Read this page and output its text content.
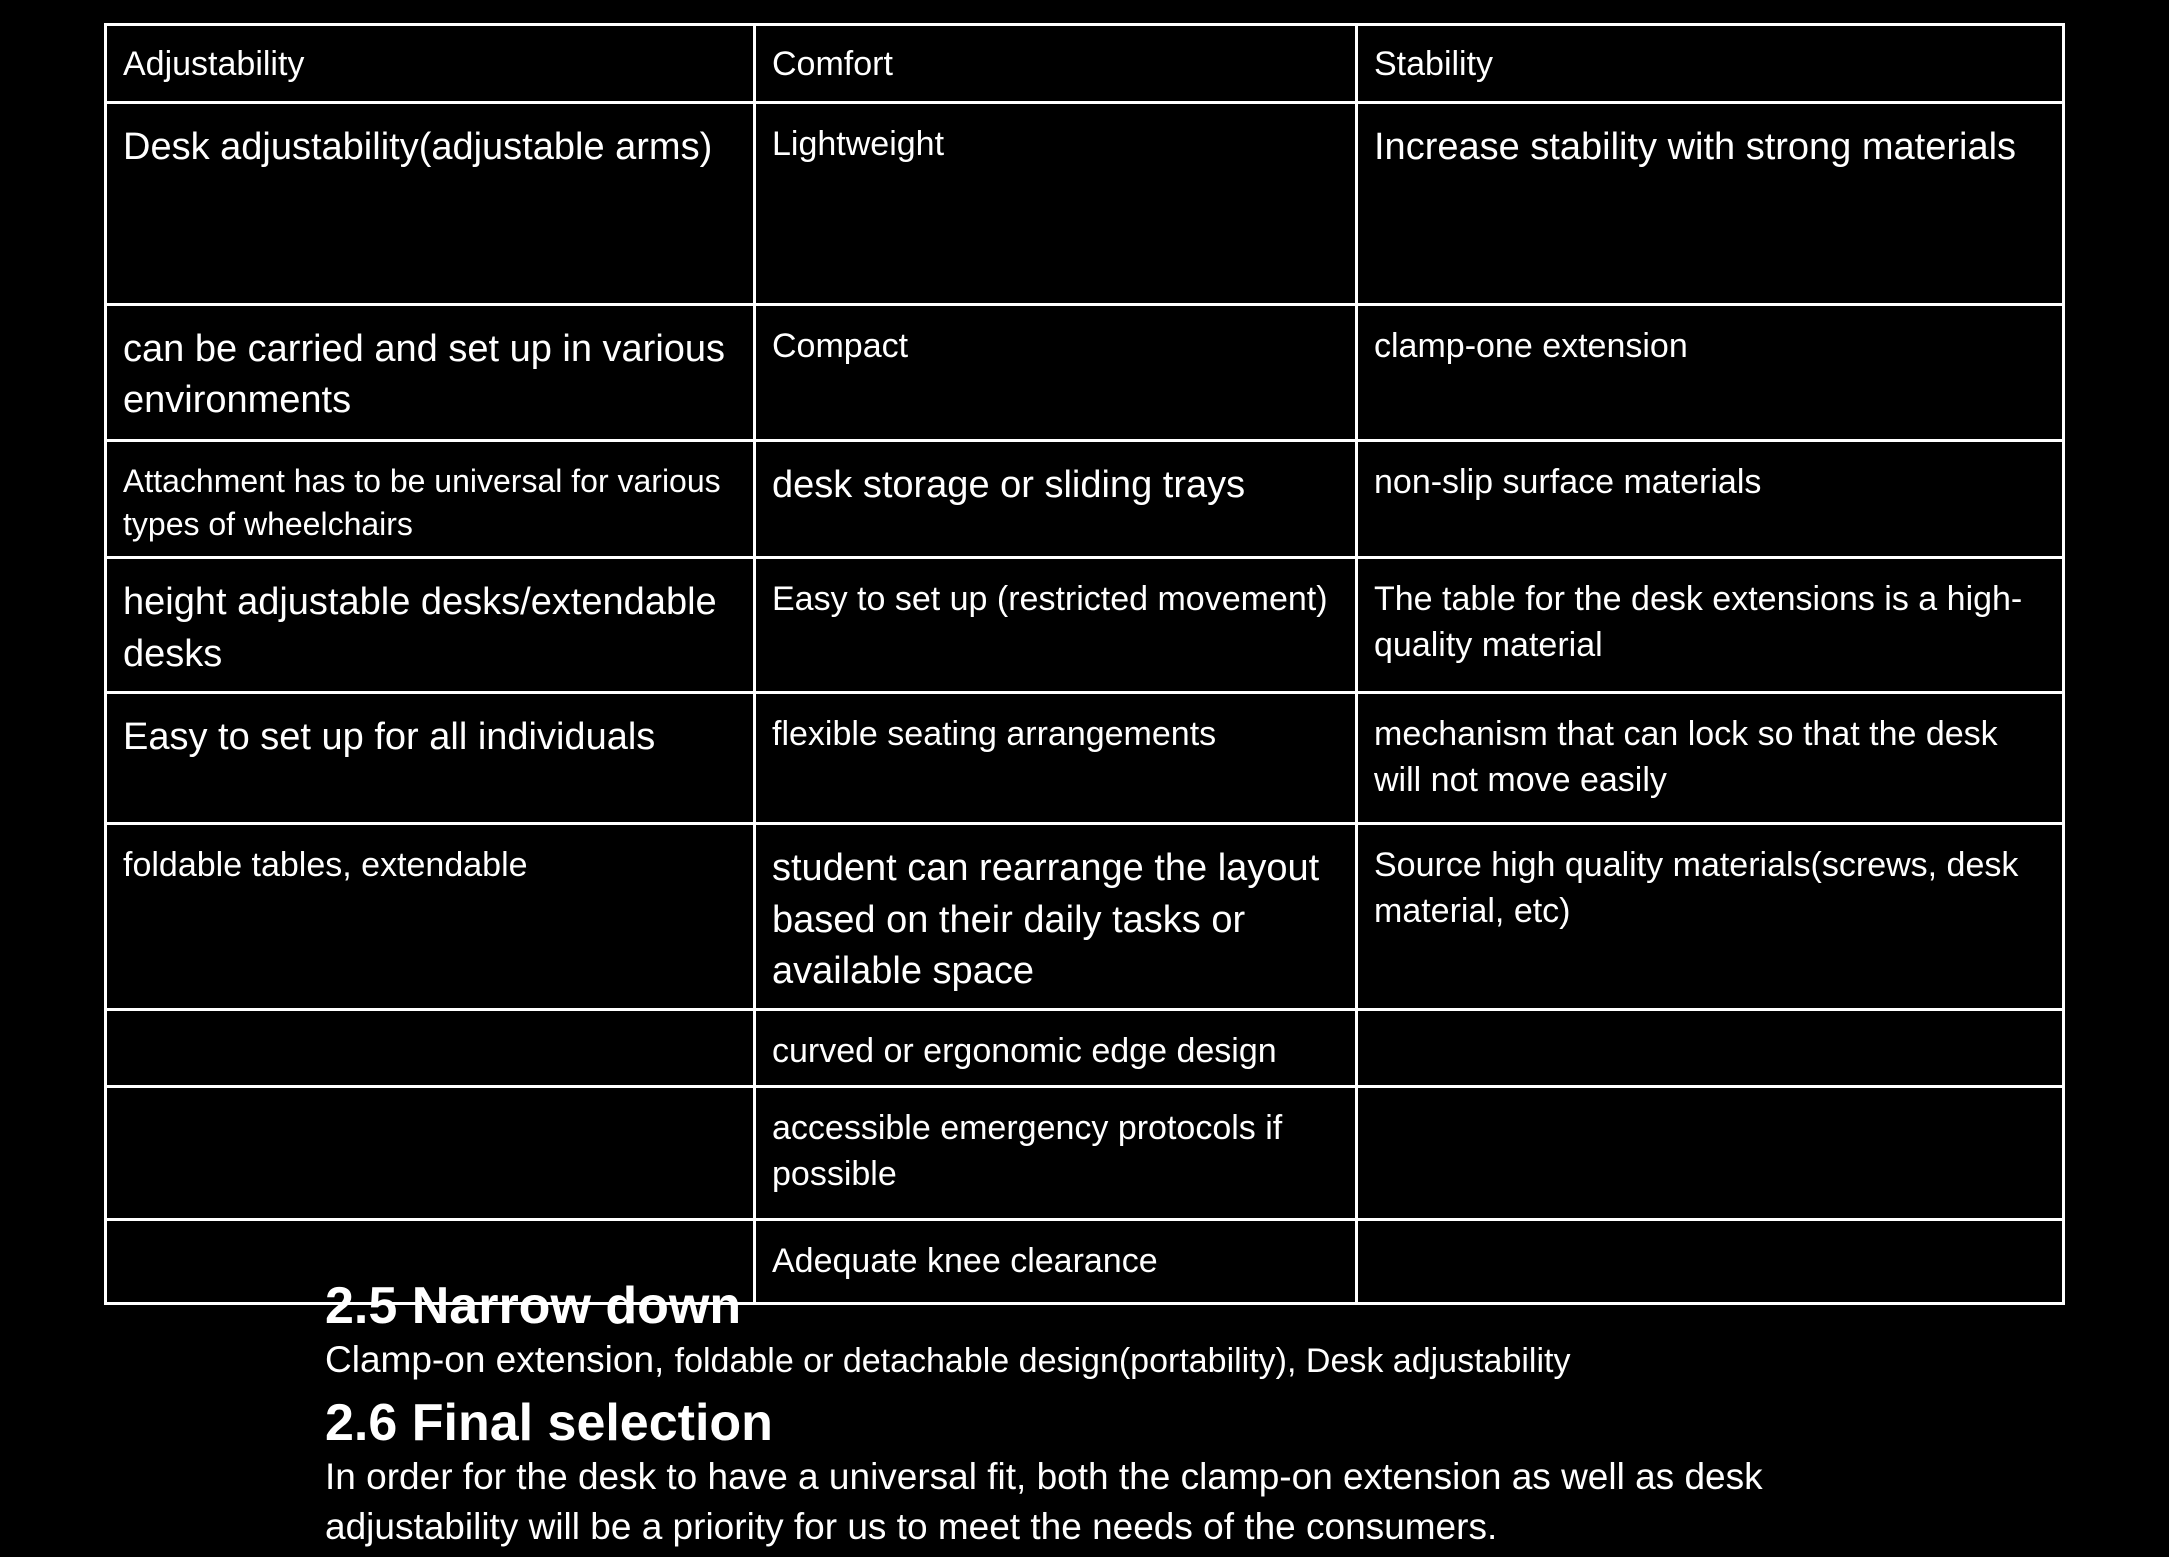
Adjustability	Comfort	Stability
Desk adjustability(adjustable arms)	Lightweight	Increase stability with strong materials
can be carried and set up in various environments	Compact	clamp-one extension
Attachment has to be universal for various types of wheelchairs	desk storage or sliding trays	non-slip surface materials
height adjustable desks/extendable desks	Easy to set up (restricted movement)	The table for the desk extensions is a high-quality material
Easy to set up for all individuals	flexible seating arrangements	mechanism that can lock so that the desk will not move easily
foldable tables, extendable	student can rearrange the layout based on their daily tasks or available space	Source high quality materials(screws, desk material, etc)
	curved or ergonomic edge design	
	accessible emergency protocols if possible	
	Adequate knee clearance	
2.5 Narrow down

Clamp-on extension, foldable or detachable design(portability), Desk adjustability

2.6 Final selection

In order for the desk to have a universal fit, both the clamp-on extension as well as desk adjustability will be a priority for us to meet the needs of the consumers.
